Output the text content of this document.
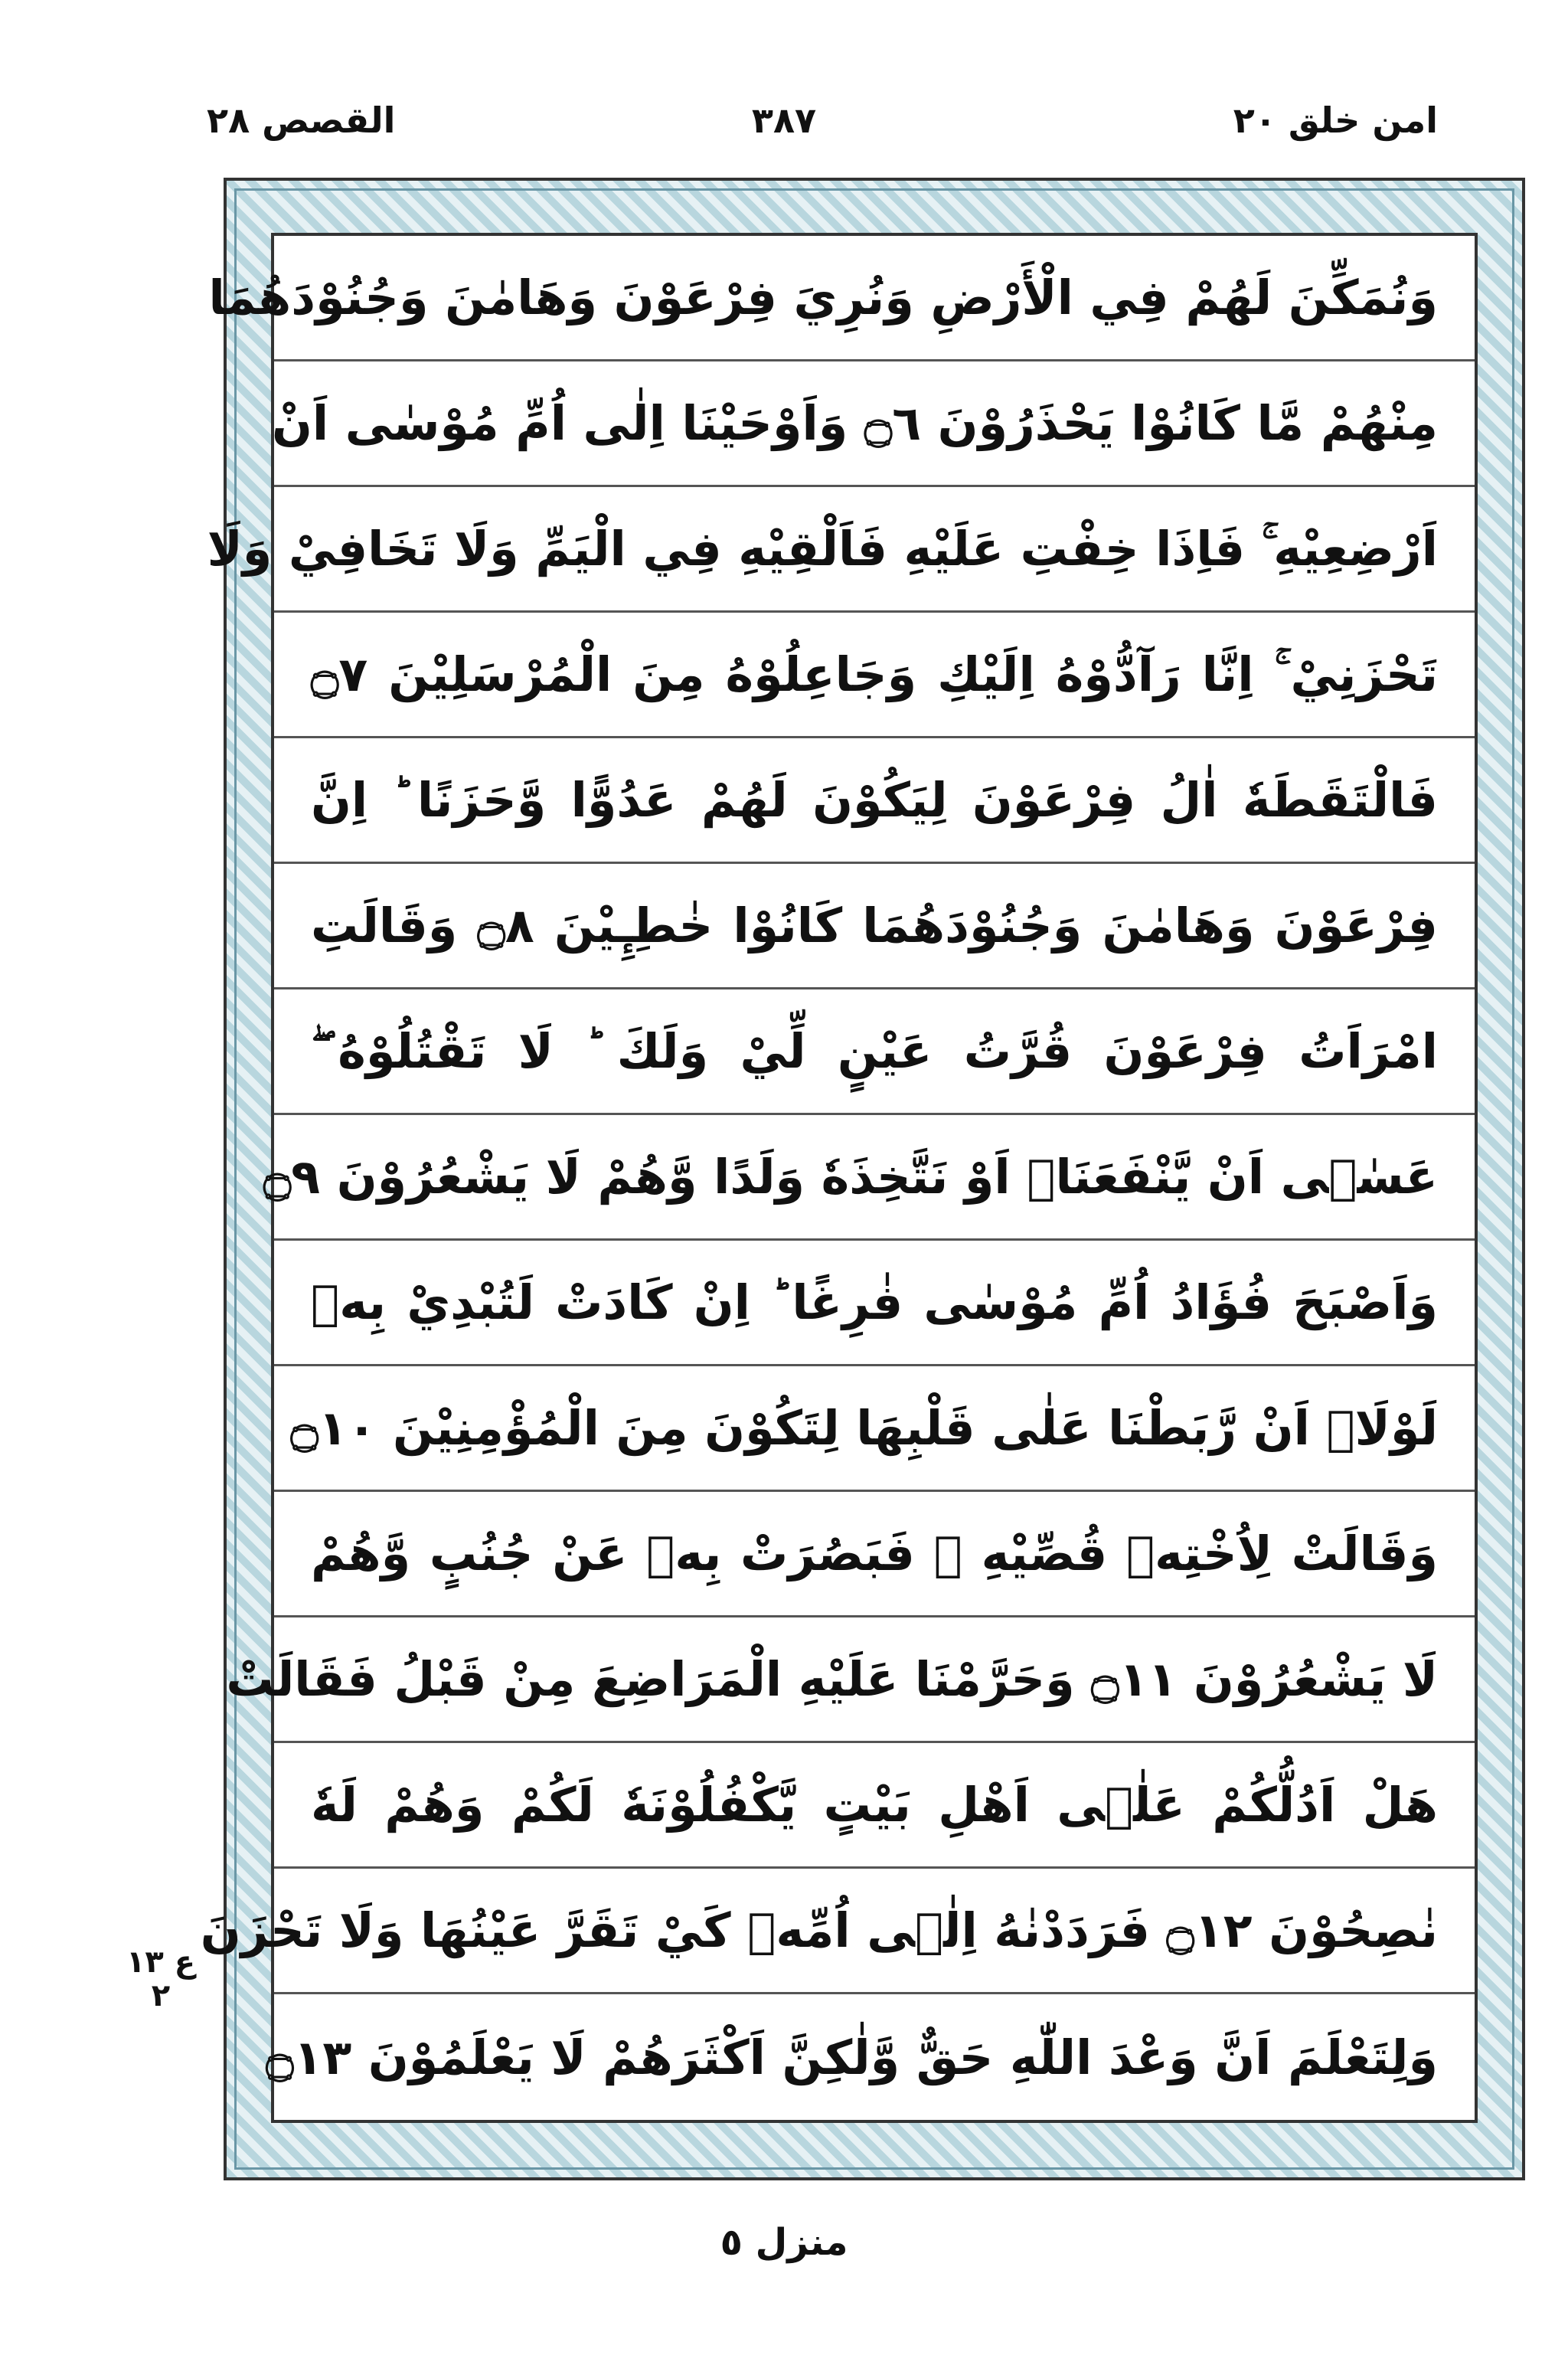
القصص ٢٨	٣٨٧	امن خلق ٢٠
وَنُمَكِّنَ لَهُمْ فِي الْأَرْضِ وَنُرِيَ فِرْعَوْنَ وَهَامٰنَ وَجُنُوْدَهُمَا
مِنْهُمْ مَّا كَانُوْا يَحْذَرُوْنَ ۝٦ وَاَوْحَيْنَا اِلٰى اُمِّ مُوْسٰى اَنْ
اَرْضِعِيْهِ ۚ فَاِذَا خِفْتِ عَلَيْهِ فَاَلْقِيْهِ فِي الْيَمِّ وَلَا تَخَافِيْ وَلَا
تَحْزَنِيْ ۚ اِنَّا رَآدُّوْهُ اِلَيْكِ وَجَاعِلُوْهُ مِنَ الْمُرْسَلِيْنَ ۝٧
فَالْتَقَطَهٗ اٰلُ فِرْعَوْنَ لِيَكُوْنَ لَهُمْ عَدُوًّا وَّحَزَنًا ؕ اِنَّ
فِرْعَوْنَ وَهَامٰنَ وَجُنُوْدَهُمَا كَانُوْا خٰطِـِٕيْنَ ۝٨ وَقَالَتِ
امْرَاَتُ فِرْعَوْنَ قُرَّتُ عَيْنٍ لِّيْ وَلَكَ ؕ لَا تَقْتُلُوْهُ ۖ
عَسٰۤى اَنْ يَّنْفَعَنَاۤ اَوْ نَتَّخِذَهٗ وَلَدًا وَّهُمْ لَا يَشْعُرُوْنَ ۝٩
وَاَصْبَحَ فُؤَادُ اُمِّ مُوْسٰى فٰرِغًا ؕ اِنْ كَادَتْ لَتُبْدِيْ بِهٖ
لَوْلَاۤ اَنْ رَّبَطْنَا عَلٰى قَلْبِهَا لِتَكُوْنَ مِنَ الْمُؤْمِنِيْنَ ۝١٠
وَقَالَتْ لِاُخْتِهٖ قُصِّيْهِ ۚ فَبَصُرَتْ بِهٖ عَنْ جُنُبٍ وَّهُمْ
لَا يَشْعُرُوْنَ ۝١١ وَحَرَّمْنَا عَلَيْهِ الْمَرَاضِعَ مِنْ قَبْلُ فَقَالَتْ
هَلْ اَدُلُّكُمْ عَلٰۤى اَهْلِ بَيْتٍ يَّكْفُلُوْنَهٗ لَكُمْ وَهُمْ لَهٗ
نٰصِحُوْنَ ۝١٢ فَرَدَدْنٰهُ اِلٰۤى اُمِّهٖ كَيْ تَقَرَّ عَيْنُهَا وَلَا تَحْزَنَ
وَلِتَعْلَمَ اَنَّ وَعْدَ اللّٰهِ حَقٌّ وَّلٰكِنَّ اَكْثَرَهُمْ لَا يَعْلَمُوْنَ ۝١٣
ع ١٣ ٢
منزل ٥
